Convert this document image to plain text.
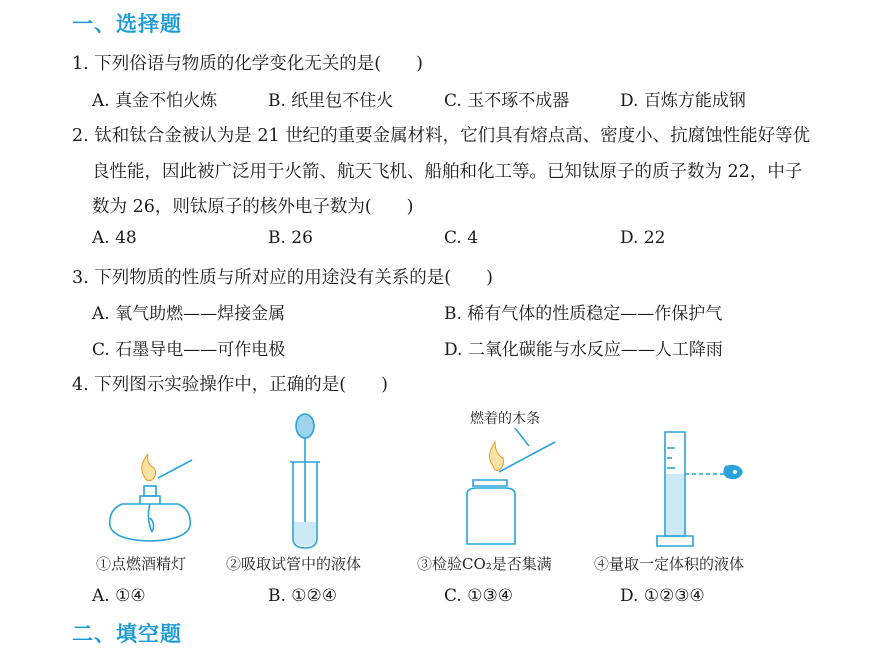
一、选择题
1. 下列俗语与物质的化学变化无关的是(　　)
A. 真金不怕火炼	B. 纸里包不住火	C. 玉不琢不成器	D. 百炼方能成钢
2. 钛和钛合金被认为是 21 世纪的重要金属材料，它们具有熔点高、密度小、抗腐蚀性能好等优
良性能，因此被广泛用于火箭、航天飞机、船舶和化工等。已知钛原子的质子数为 22，中子
数为 26，则钛原子的核外电子数为(　　)
A. 48	B. 26	C. 4	D. 22
3. 下列物质的性质与所对应的用途没有关系的是(　　)
A. 氧气助燃——焊接金属	B. 稀有气体的性质稳定——作保护气
C. 石墨导电——可作电极	D. 二氧化碳能与水反应——人工降雨
4. 下列图示实验操作中，正确的是(　　)
燃着的木条
①点燃酒精灯	②吸取试管中的液体	③检验CO₂是否集满	④量取一定体积的液体
A. ①④	B. ①②④	C. ①③④	D. ①②③④
二、填空题
